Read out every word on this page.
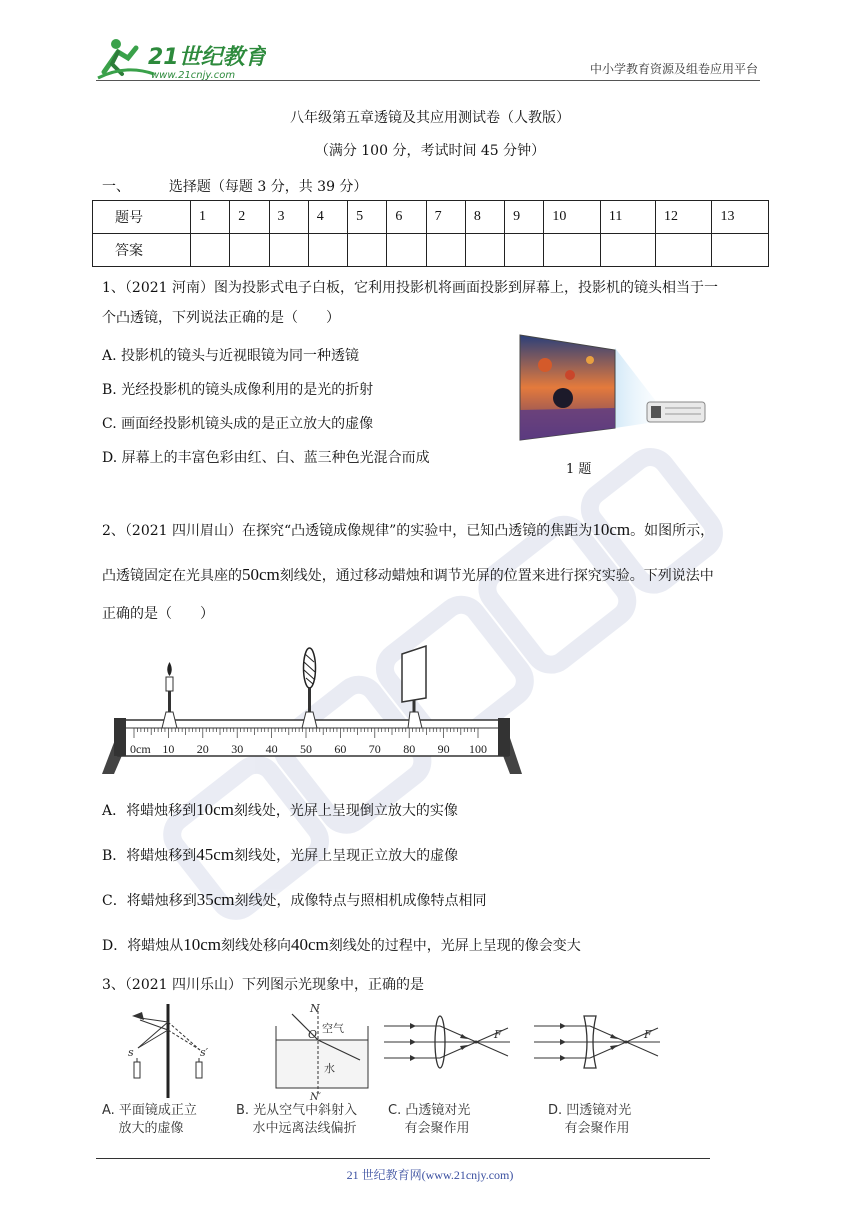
21世纪教育
www.21cnjy.com	中小学教育资源及组卷应用平台
八年级第五章透镜及其应用测试卷（人教版）
（满分 100 分，考试时间 45 分钟）
一、	选择题（每题 3 分，共 39 分）
题号	1	2	3	4	5	6	7	8	9	10	11	12	13
答案													
1、（2021 河南）图为投影式电子白板，它利用投影机将画面投影到屏幕上，投影机的镜头相当于一
个凸透镜，下列说法正确的是（　　）
A. 投影机的镜头与近视眼镜为同一种透镜
B. 光经投影机的镜头成像利用的是光的折射
C. 画面经投影机镜头成的是正立放大的虚像
D. 屏幕上的丰富色彩由红、白、蓝三种色光混合而成
1 题
2、（2021 四川眉山）在探究“凸透镜成像规律”的实验中，已知凸透镜的焦距为10cm。如图所示，
凸透镜固定在光具座的50cm刻线处，通过移动蜡烛和调节光屏的位置来进行探究实验。下列说法中
正确的是（　　）
0cm 10 20 30 40 50 60 70 80 90 100
A．将蜡烛移到10cm刻线处，光屏上呈现倒立放大的实像
B．将蜡烛移到45cm刻线处，光屏上呈现正立放大的虚像
C．将蜡烛移到35cm刻线处，成像特点与照相机成像特点相同
D．将蜡烛从10cm刻线处移向40cm刻线处的过程中，光屏上呈现的像会变大
3、（2021 四川乐山）下列图示光现象中，正确的是
s	s′
N
N′
O 空气
水
F	F
A. 平面镜成正立
放大的虚像
B. 光从空气中斜射入
水中远离法线偏折
C. 凸透镜对光
有会聚作用
D. 凹透镜对光
有会聚作用
21 世纪教育网(www.21cnjy.com)
